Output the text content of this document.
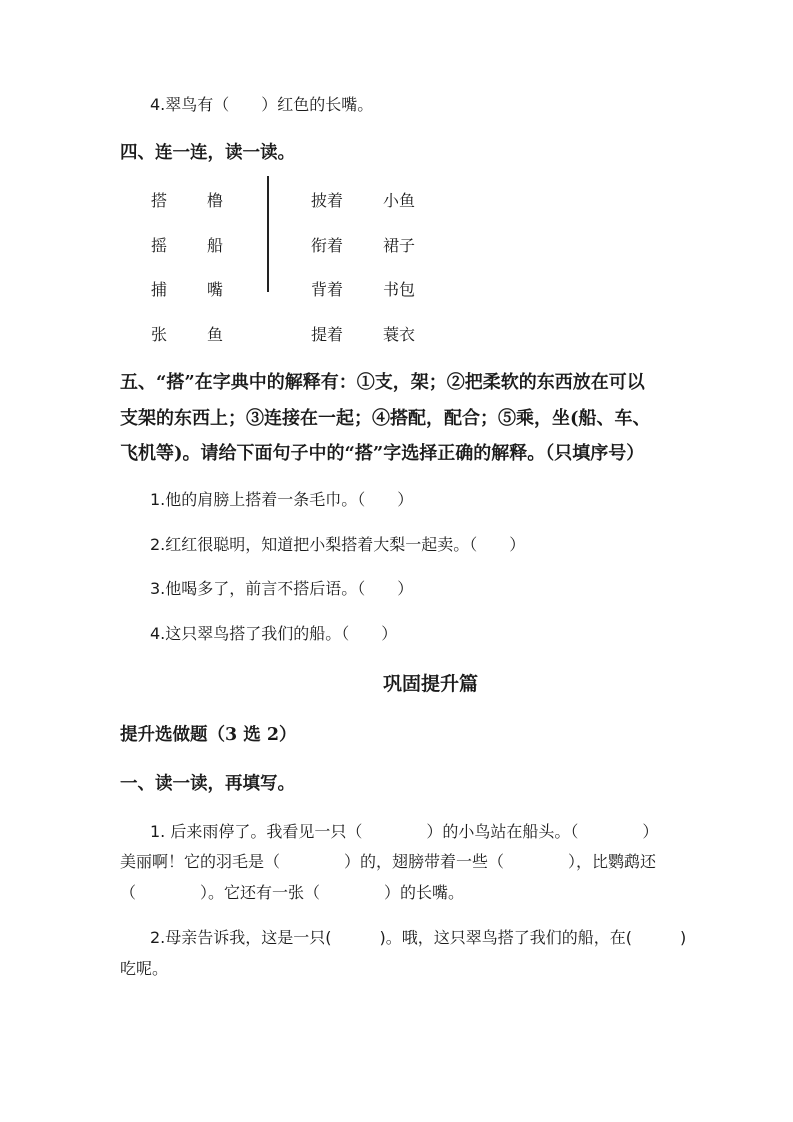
4.翠鸟有（　　）红色的长嘴。
四、连一连，读一读。
搭 橹
摇 船
捕 嘴
张 鱼
披着 小鱼
衔着 裙子
背着 书包
提着 蓑衣
五、“搭”在字典中的解释有：①支，架；②把柔软的东西放在可以
支架的东西上；③连接在一起；④搭配，配合；⑤乘，坐(船、车、
飞机等)。请给下面句子中的“搭”字选择正确的解释。（只填序号）
1.他的肩膀上搭着一条毛巾。（　　）
2.红红很聪明，知道把小梨搭着大梨一起卖。（　　）
3.他喝多了，前言不搭后语。（　　）
4.这只翠鸟搭了我们的船。（　　）
巩固提升篇
提升选做题（3 选 2）
一、读一读，再填写。
1. 后来雨停了。我看见一只（　　　　）的小鸟站在船头。（　　　　）
美丽啊！它的羽毛是（　　　　）的，翅膀带着一些（　　　　），比鹦鹉还
（　　　　）。它还有一张（　　　　）的长嘴。
2.母亲告诉我，这是一只(　　　)。哦，这只翠鸟搭了我们的船，在(　　　)
吃呢。
